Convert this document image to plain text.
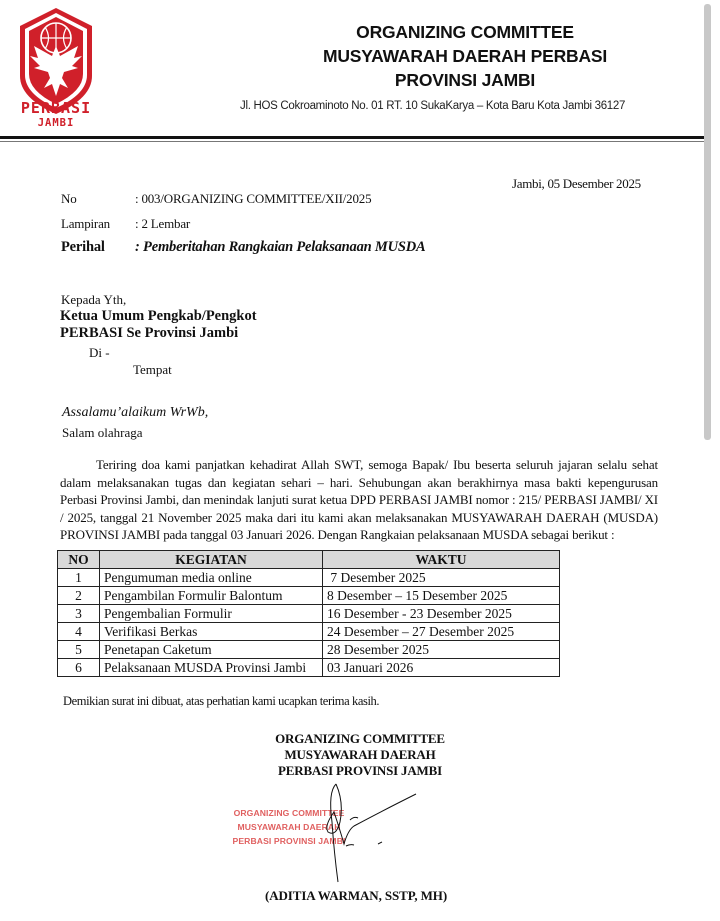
PERBASI
JAMBI
ORGANIZING COMMITTEE
MUSYAWARAH DAERAH PERBASI
PROVINSI JAMBI
Jl. HOS Cokroaminoto No. 01 RT. 10 SukaKarya – Kota Baru Kota Jambi 36127
Jambi, 05 Desember 2025
No	: 003/ORGANIZING COMMITTEE/XII/2025
Lampiran	: 2 Lembar
Perihal	: Pemberitahan Rangkaian Pelaksanaan MUSDA
Kepada Yth,
Ketua Umum Pengkab/Pengkot
PERBASI Se Provinsi Jambi
Di -
Tempat
Assalamu’alaikum WrWb,
Salam olahraga
Teriring doa kami panjatkan kehadirat Allah SWT, semoga Bapak/ Ibu beserta seluruh jajaran selalu sehat dalam melaksanakan tugas dan kegiatan sehari – hari. Sehubungan akan berakhirnya masa bakti kepengurusan Perbasi Provinsi Jambi, dan menindak lanjuti surat ketua DPD PERBASI JAMBI nomor : 215/ PERBASI JAMBI/ XI / 2025, tanggal 21 November 2025 maka dari itu kami akan melaksanakan MUSYAWARAH DAERAH (MUSDA) PROVINSI JAMBI pada tanggal 03 Januari 2026. Dengan Rangkaian pelaksanaan MUSDA sebagai berikut :
NO	KEGIATAN	WAKTU
1	Pengumuman media online	7 Desember 2025
2	Pengambilan Formulir Balontum	8 Desember – 15 Desember 2025
3	Pengembalian Formulir	16 Desember - 23 Desember 2025
4	Verifikasi Berkas	24 Desember – 27 Desember 2025
5	Penetapan Caketum	28 Desember 2025
6	Pelaksanaan MUSDA Provinsi Jambi	03 Januari 2026
Demikian surat ini dibuat, atas perhatian kami ucapkan terima kasih.
ORGANIZING COMMITTEE
MUSYAWARAH DAERAH
PERBASI PROVINSI JAMBI
ORGANIZING COMMITTEE
MUSYAWARAH DAERAH
PERBASI PROVINSI JAMBI
(ADITIA WARMAN, SSTP, MH)
